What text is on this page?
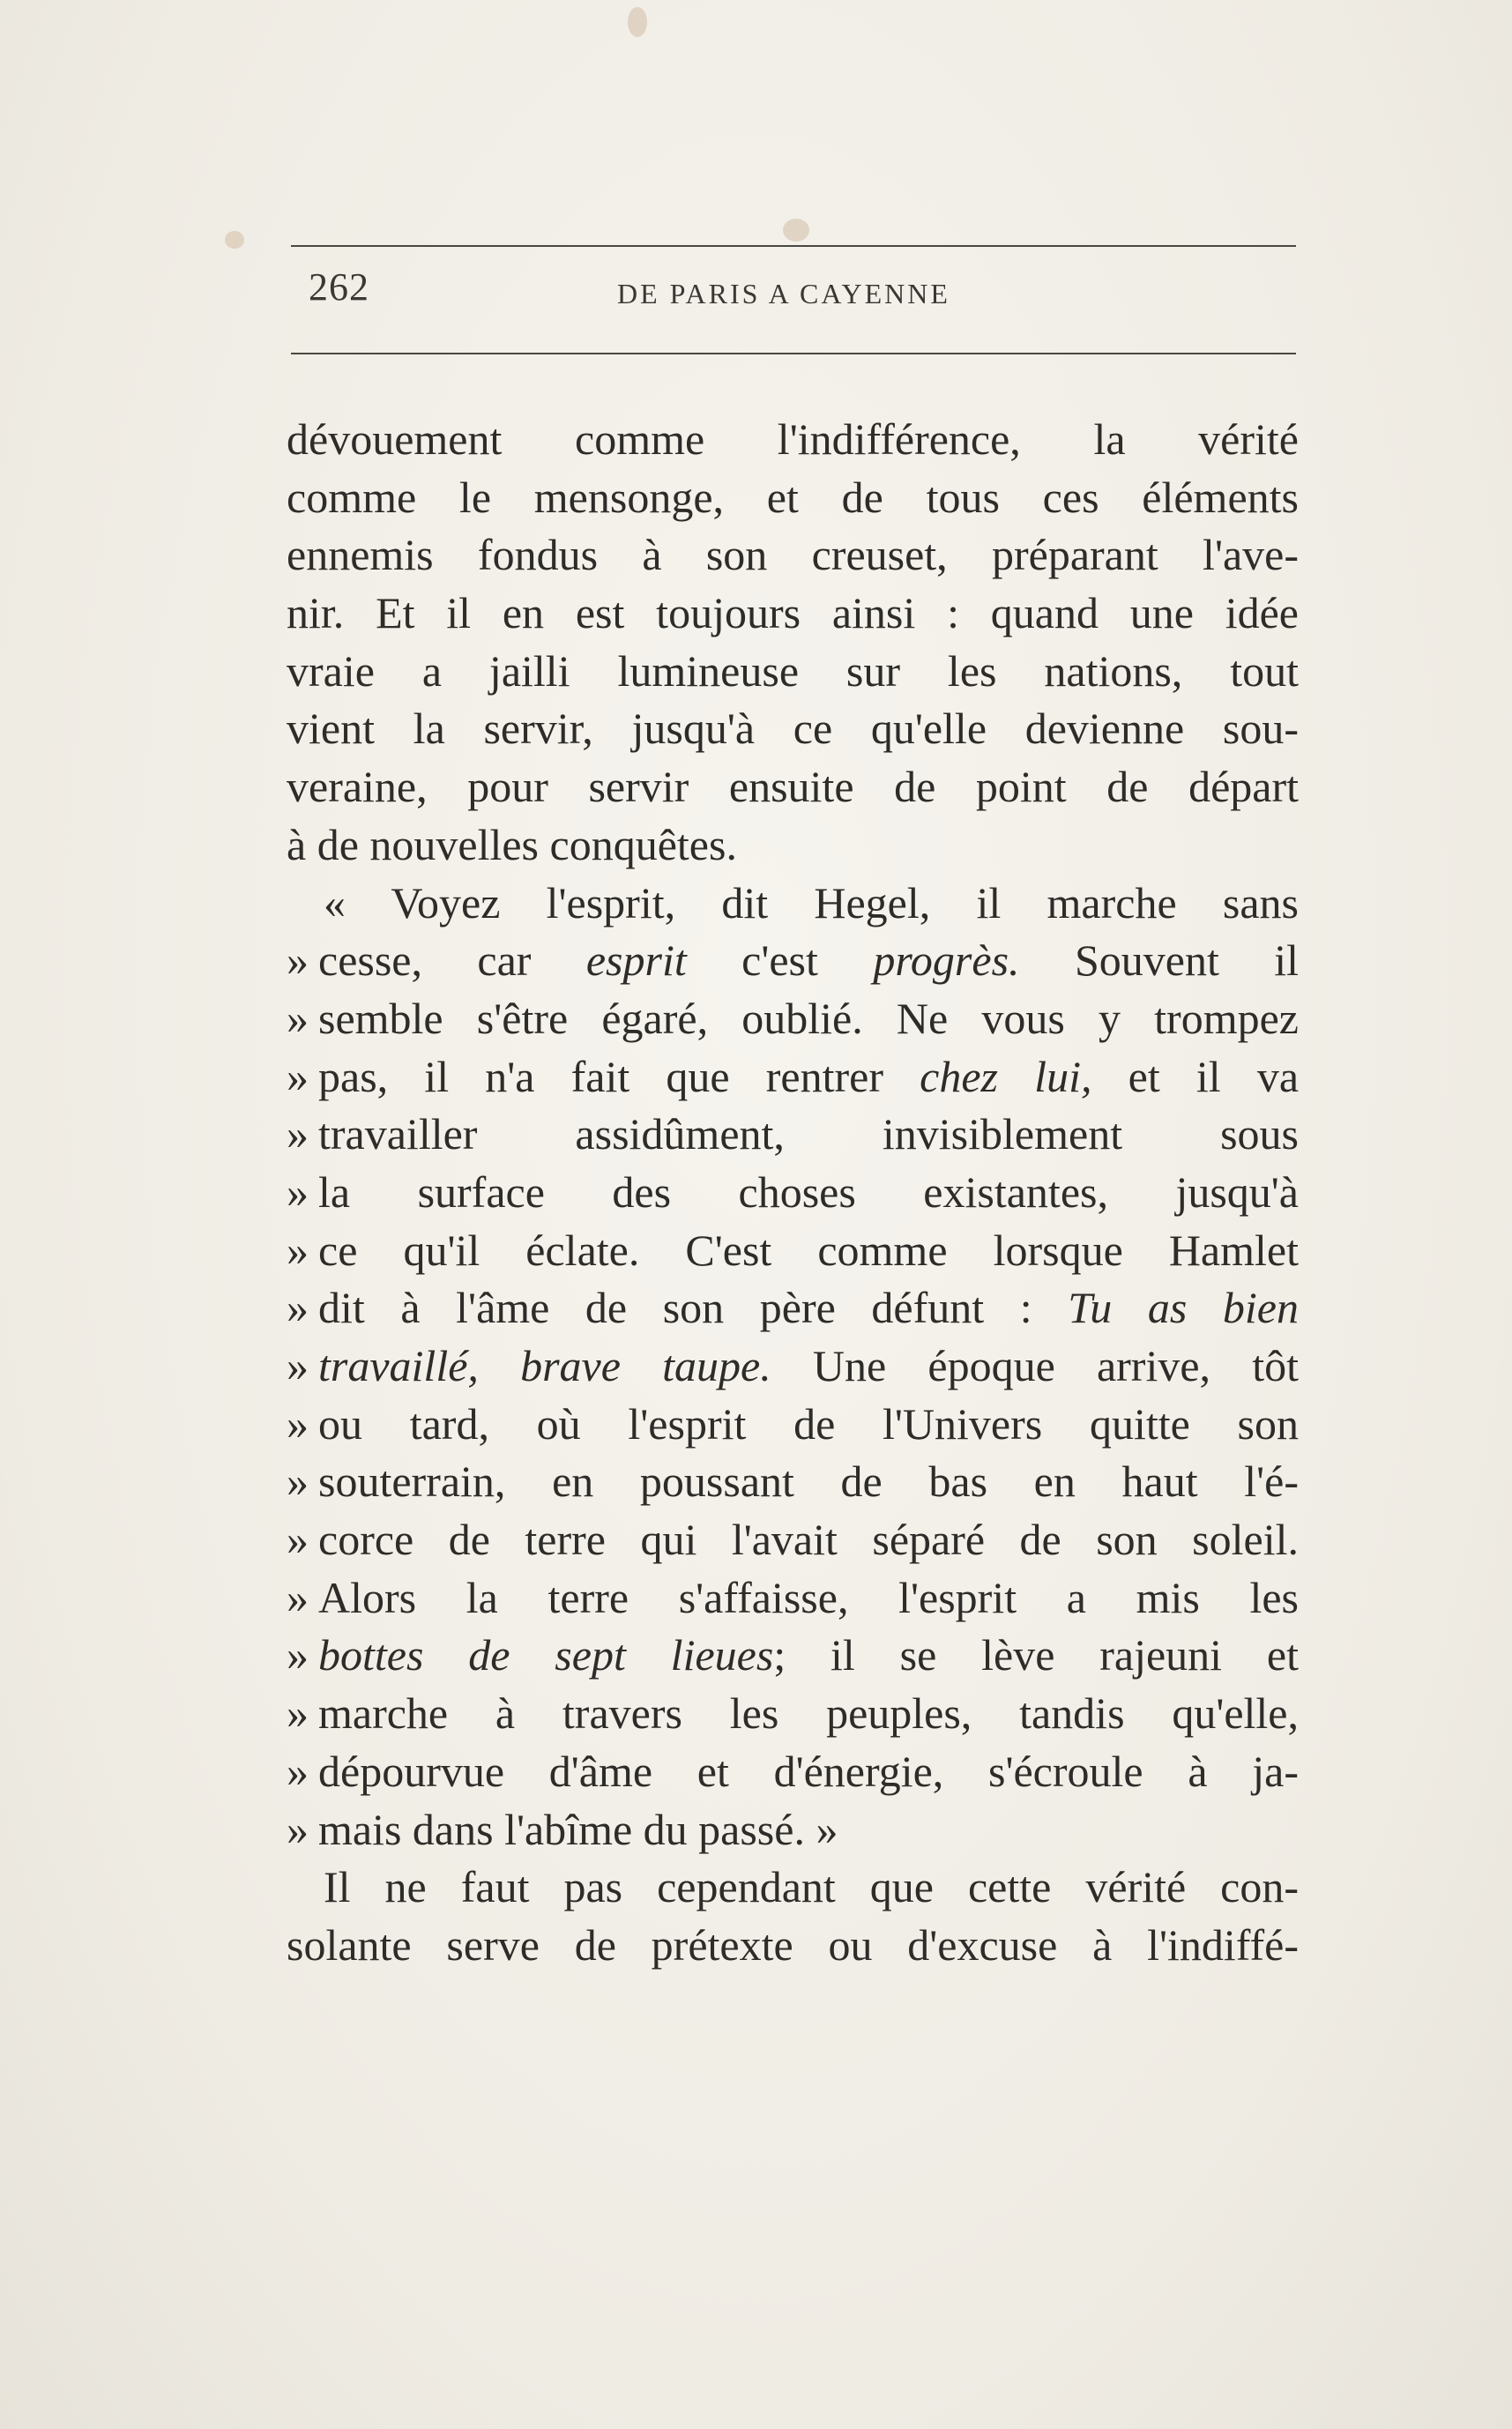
262	DE PARIS A CAYENNE
dévouement comme l'indifférence, la vérité
comme le mensonge, et de tous ces éléments
ennemis fondus à son creuset, préparant l'ave-
nir. Et il en est toujours ainsi : quand une idée
vraie a jailli lumineuse sur les nations, tout
vient la servir, jusqu'à ce qu'elle devienne sou-
veraine, pour servir ensuite de point de départ
à de nouvelles conquêtes.
« Voyez l'esprit, dit Hegel, il marche sans
» cesse, car esprit c'est progrès. Souvent il
» semble s'être égaré, oublié. Ne vous y trompez
» pas, il n'a fait que rentrer chez lui, et il va
» travailler assidûment, invisiblement sous
» la surface des choses existantes, jusqu'à
» ce qu'il éclate. C'est comme lorsque Hamlet
» dit à l'âme de son père défunt : Tu as bien
» travaillé, brave taupe. Une époque arrive, tôt
» ou tard, où l'esprit de l'Univers quitte son
» souterrain, en poussant de bas en haut l'é-
» corce de terre qui l'avait séparé de son soleil.
» Alors la terre s'affaisse, l'esprit a mis les
» bottes de sept lieues; il se lève rajeuni et
» marche à travers les peuples, tandis qu'elle,
» dépourvue d'âme et d'énergie, s'écroule à ja-
» mais dans l'abîme du passé. »
Il ne faut pas cependant que cette vérité con-
solante serve de prétexte ou d'excuse à l'indiffé-
